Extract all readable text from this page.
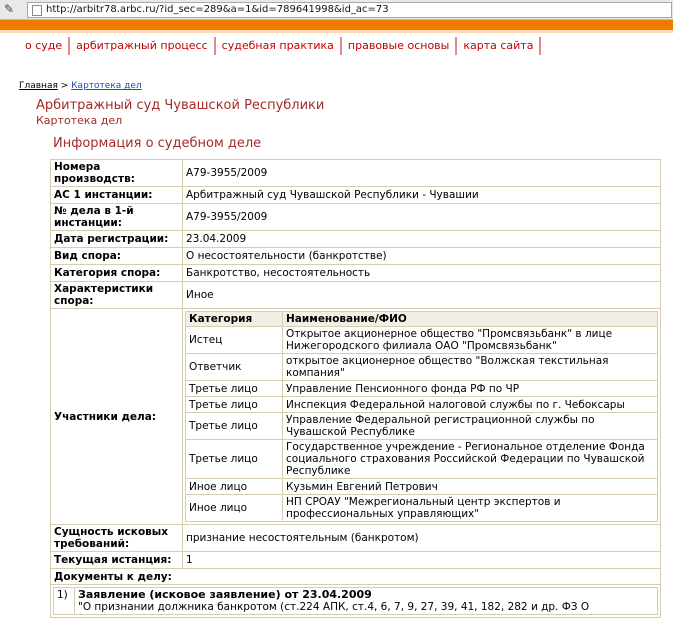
✎	http://arbitr78.arbc.ru/?id_sec=289&a=1&id=789641998&id_ac=73
о суде	арбитражный процесс	судебная практика	правовые основы	карта сайта
Главная > Картотека дел
Арбитражный суд Чувашской Республики
Картотека дел
Информация о судебном деле
Номера производств:	А79-3955/2009
АС 1 инстанции:	Арбитражный суд Чувашской Республики - Чувашии
№ дела в 1-й инстанции:	А79-3955/2009
Дата регистрации:	23.04.2009
Вид спора:	О несостоятельности (банкротстве)
Категория спора:	Банкротство, несостоятельность
Характеристики спора:	Иное
Участники дела:	
Категория	Наименование/ФИО
Истец	Открытое акционерное общество "Промсвязьбанк" в лице Нижегородского филиала ОАО "Промсвязьбанк"
Ответчик	открытое акционерное общество "Волжская текстильная компания"
Третье лицо	Управление Пенсионного фонда РФ по ЧР
Третье лицо	Инспекция Федеральной налоговой службы по г. Чебоксары
Третье лицо	Управление Федеральной регистрационной службы по Чувашской Республике
Третье лицо	Государственное учреждение - Региональное отделение Фонда социального страхования Российской Федерации по Чувашской Республике
Иное лицо	Кузьмин Евгений Петрович
Иное лицо	НП СРОАУ "Межрегиональный центр экспертов и профессиональных управляющих"

Сущность исковых требований:	признание несостоятельным (банкротом)
Текущая истанция:	1
Документы к делу:

1)	Заявление (исковое заявление) от 23.04.2009
"О признании должника банкротом (ст.224 АПК, ст.4, 6, 7, 9, 27, 39, 41, 182, 282 и др. ФЗ О
